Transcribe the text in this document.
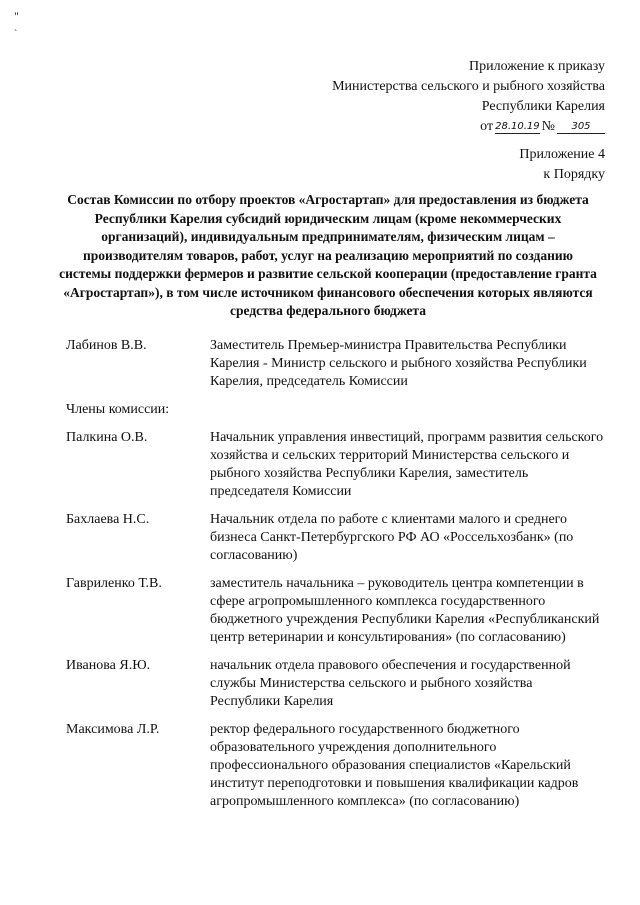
"
`
Приложение к приказу
Министерства сельского и рыбного хозяйства
Республики Карелия
от 28.10.19 №	305
Приложение 4
к Порядку
Состав Комиссии по отбору проектов «Агростартап» для предоставления из бюджета Республики Карелия субсидий юридическим лицам (кроме некоммерческих организаций), индивидуальным предпринимателям, физическим лицам – производителям товаров, работ, услуг на реализацию мероприятий по созданию системы поддержки фермеров и развитие сельской кооперации (предоставление гранта «Агростартап»), в том числе источником финансового обеспечения которых являются средства федерального бюджета
Лабинов В.В.	Заместитель Премьер-министра Правительства Республики Карелия - Министр сельского и рыбного хозяйства Республики Карелия, председатель Комиссии
Члены комиссии:
Палкина О.В.	Начальник управления инвестиций, программ развития сельского хозяйства и сельских территорий Министерства сельского и рыбного хозяйства Республики Карелия, заместитель председателя Комиссии
Бахлаева Н.С.	Начальник отдела по работе с клиентами малого и среднего бизнеса Санкт-Петербургского РФ АО «Россельхозбанк» (по согласованию)
Гавриленко Т.В.	заместитель начальника – руководитель центра компетенции в сфере агропромышленного комплекса государственного бюджетного учреждения Республики Карелия «Республиканский центр ветеринарии и консультирования» (по согласованию)
Иванова Я.Ю.	начальник отдела правового обеспечения и государственной службы Министерства сельского и рыбного хозяйства Республики Карелия
Максимова Л.Р.	ректор федерального государственного бюджетного образовательного учреждения дополнительного профессионального образования специалистов «Карельский институт переподготовки и повышения квалификации кадров агропромышленного комплекса» (по согласованию)
